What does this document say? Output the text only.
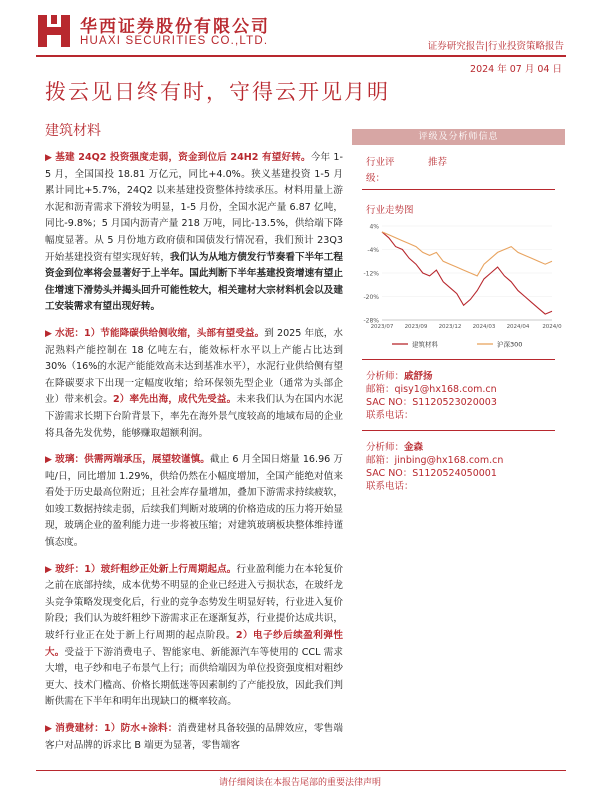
华西证券股份有限公司
HUAXI SECURITIES CO.,LTD.	证券研究报告|行业投资策略报告
2024 年 07 月 04 日
拨云见日终有时，守得云开见月明
建筑材料

▶ 基建 24Q2 投资强度走弱，资金到位后 24H2 有望好转。今年 1-5 月，全国国投 18.81 万亿元，同比+4.0%。狭义基建投资 1-5 月累计同比+5.7%，24Q2 以来基建投资整体持续承压。材料用量上游水泥和沥青需求下滑较为明显，1-5 月份，全国水泥产量 6.87 亿吨，同比-9.8%；5 月国内沥青产量 218 万吨，同比-13.5%，供给端下降幅度显著。从 5 月份地方政府债和国债发行情况看，我们预计 23Q3 开始基建投资有望实现好转，我们认为从地方债发行节奏看下半年工程资金到位率将会显著好于上半年。国此判断下半年基建投资增速有望止住增速下滑势头并揭头回升可能性较大，相关建材大宗材料机会以及建工安装需求有望出现好转。

▶ 水泥：1）节能降碳供给侧收缩，头部有望受益。到 2025 年底，水泥熟料产能控制在 18 亿吨左右，能效标杆水平以上产能占比达到 30%（16%的水泥产能能效高未达到基准水平），水泥行业供给侧有望在降碳要求下出现一定幅度收缩；给环保领先型企业（通常为头部企业）带来机会。2）率先出海，成代先受益。未来我们认为在国内水泥下游需求长期下台阶背景下，率先在海外景气度较高的地域布局的企业将具备先发优势，能够赚取超额利润。

▶ 玻璃：供需两端承压，展望较谨慎。截止 6 月全国日熔量 16.96 万吨/日，同比增加 1.29%，供给仍然在小幅度增加，全国产能绝对值来看处于历史最高位附近；且社会库存量增加，叠加下游需求持续疲软，如竣工数据持续走弱，后续我们判断对玻璃的价格造成的压力将开始显现，玻璃企业的盈利能力进一步将被压缩；对建筑玻璃板块整体维持谨慎态度。

▶ 玻纤：1）玻纤粗纱正处新上行周期起点。行业盈利能力在本轮复价之前在底部持续，成本优势不明显的企业已经进入亏损状态，在玻纤龙头竞争策略发现变化后，行业的竞争态势发生明显好转，行业进入复价阶段；我们认为玻纤粗纱下游需求正在逐渐复苏，行业提价达成共识，玻纤行业正在处于新上行周期的起点阶段。2）电子纱后续盈利弹性大。受益于下游消费电子、智能家电、新能源汽车等使用的 CCL 需求大增，电子纱和电子布景气上行；而供给端因为单位投资强度相对粗纱更大、技术门槛高、价格长期低迷等因素制约了产能投放，因此我们判断供需在下半年和明年出现缺口的概率较高。

▶ 消费建材：1）防水+涂料：消费建材具备较强的品牌效应，零售端客户对品牌的诉求比 B 端更为显著，零售端客

评级及分析师信息
行业评级：
推荐
行业走势图
4%
-4%
-12%
-20%
-28%
2023/07 2023/09 2023/12 2024/03 2024/04 2024/0
建筑材料	沪深300
分析师：戚舒扬
邮箱：qisy1@hx168.com.cn
SAC NO：S1120523020003
联系电话：
分析师：金森
邮箱：jinbing@hx168.com.cn
SAC NO：S1120524050001
联系电话：
请仔细阅读在本报告尾部的重要法律声明
